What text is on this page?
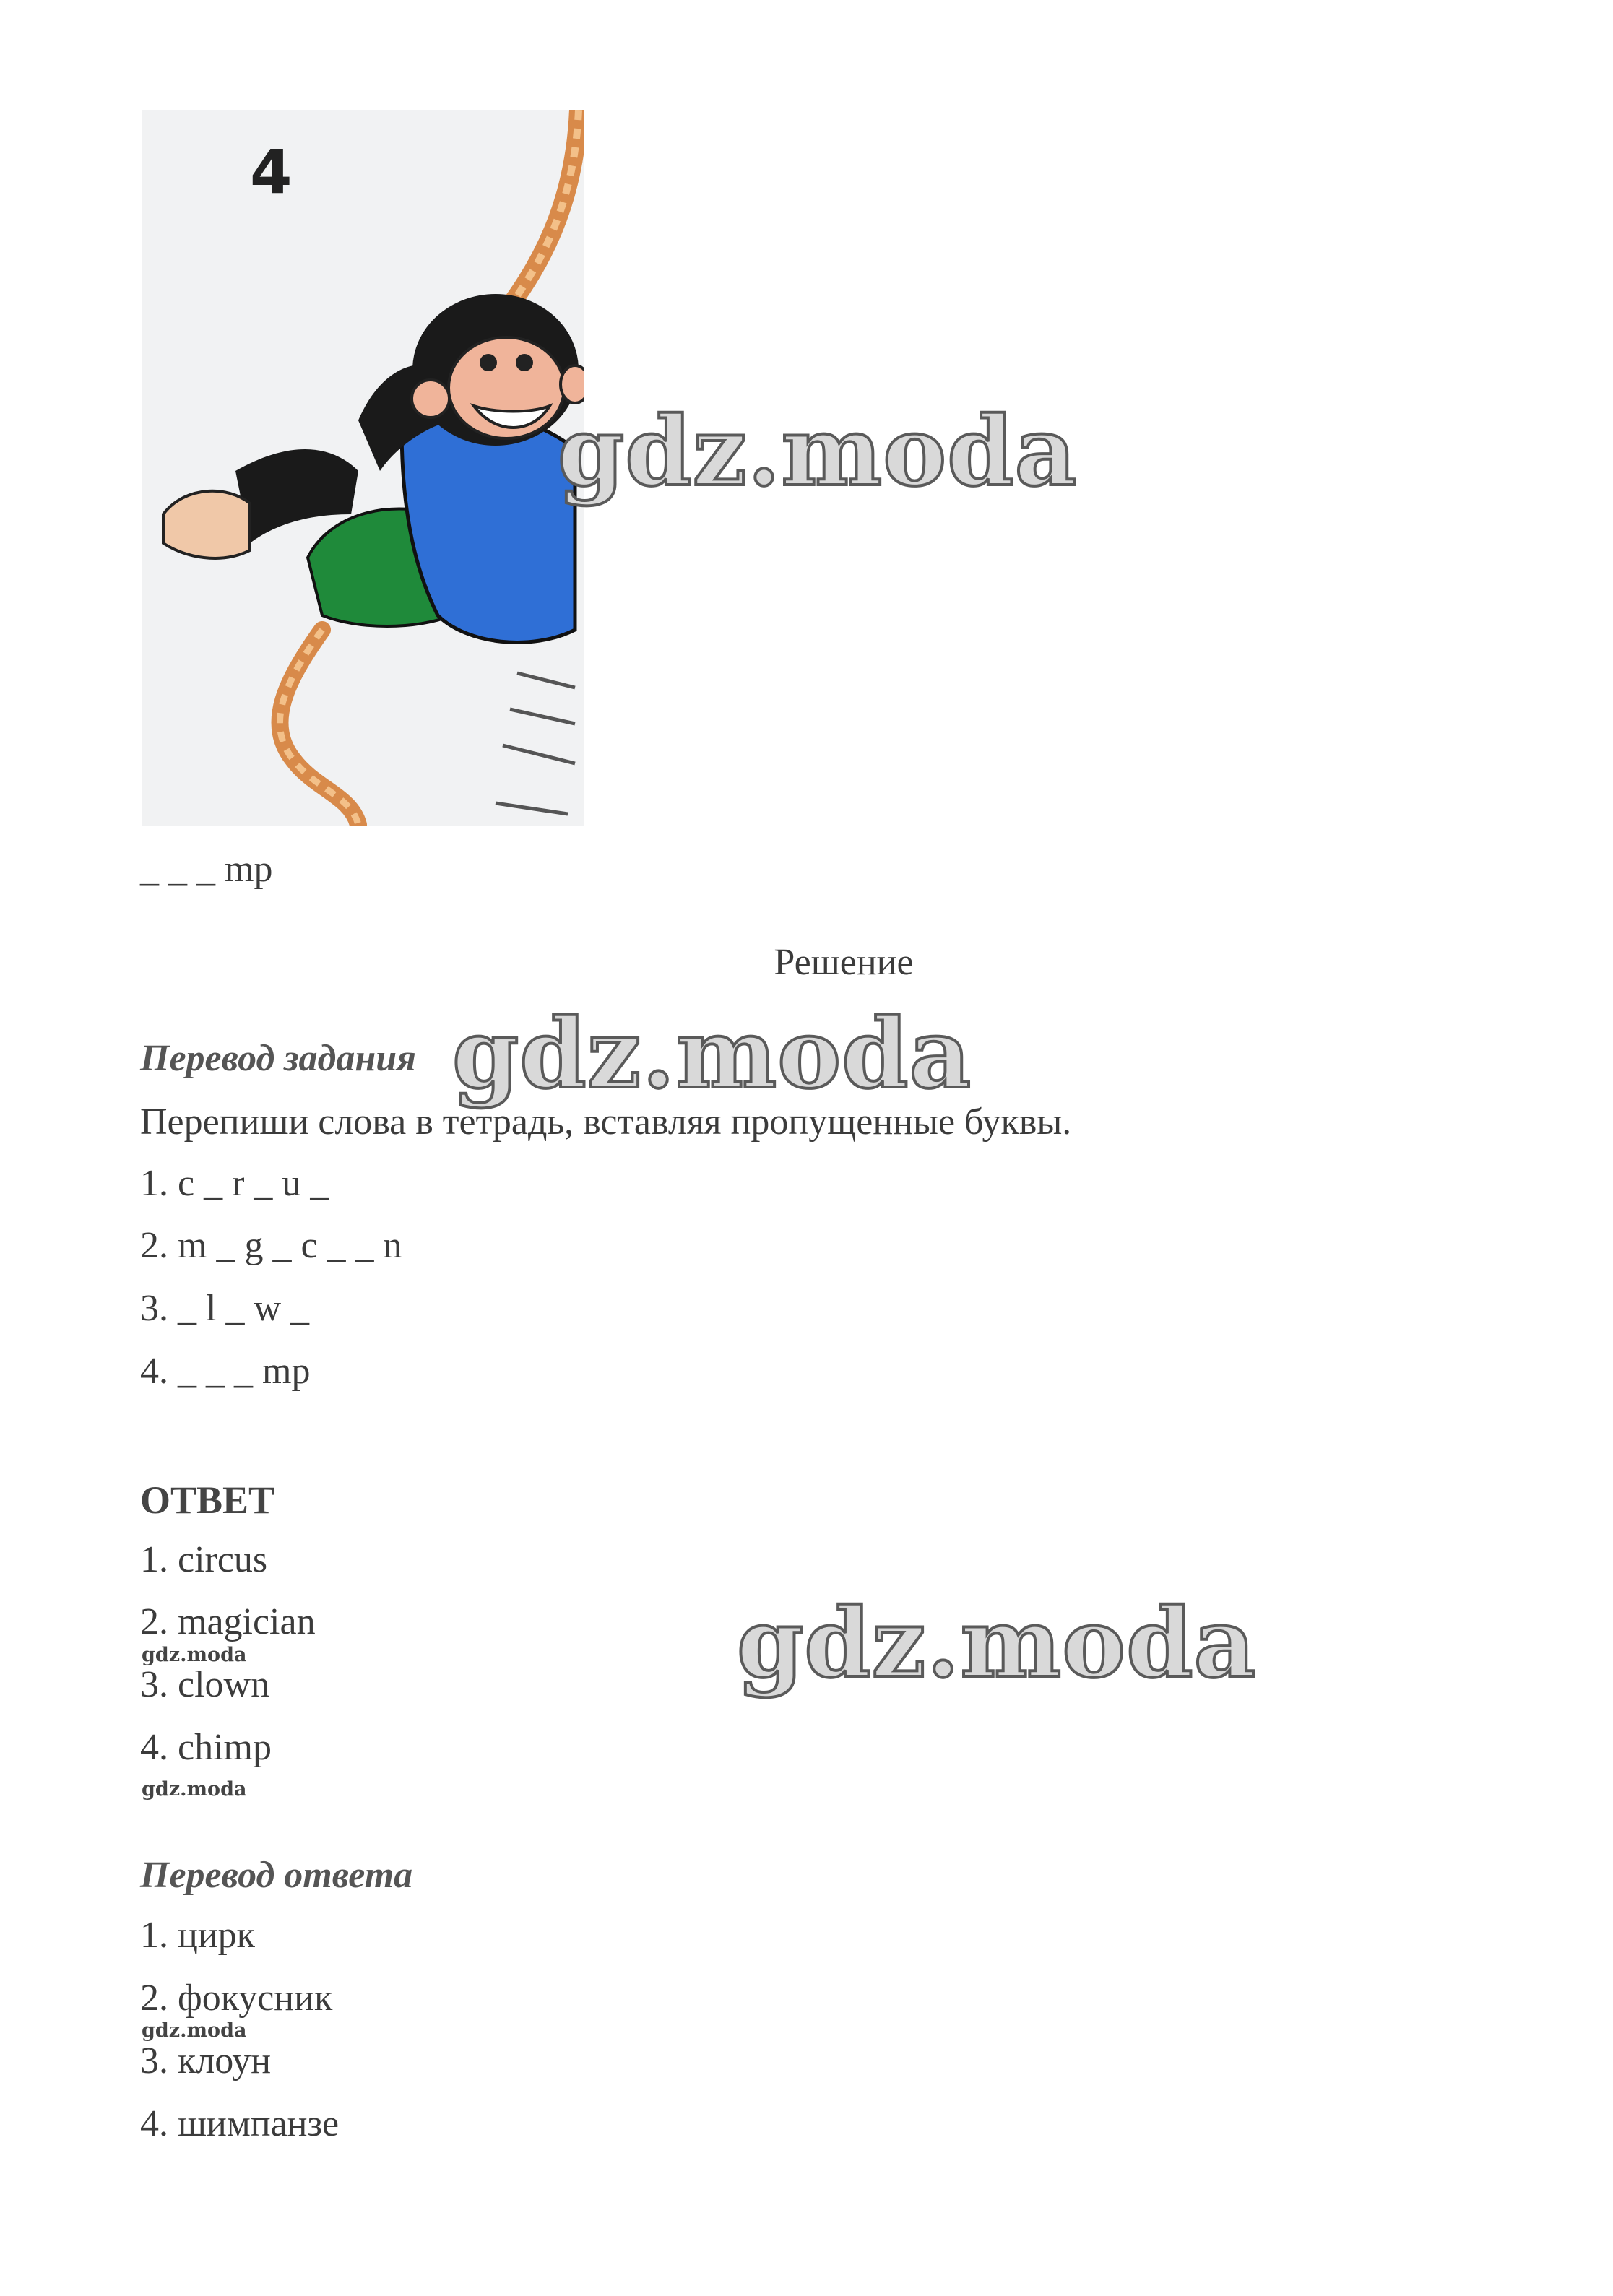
4
_ _ _ mp
Решение
Перевод задания
Перепиши слова в тетрадь, вставляя пропущенные буквы.
1. c _ r _ u _
2. m _ g _ c _ _ n
3. _ l _ w _
4. _ _ _ mp
ОТВЕТ
1. circus
2. magician
3. clown
4. chimp
Перевод ответа
1. цирк
2. фокусник
3. клоун
4. шимпанзе
gdz.moda
gdz.moda
gdz.moda
gdz.moda
gdz.moda
gdz.moda
